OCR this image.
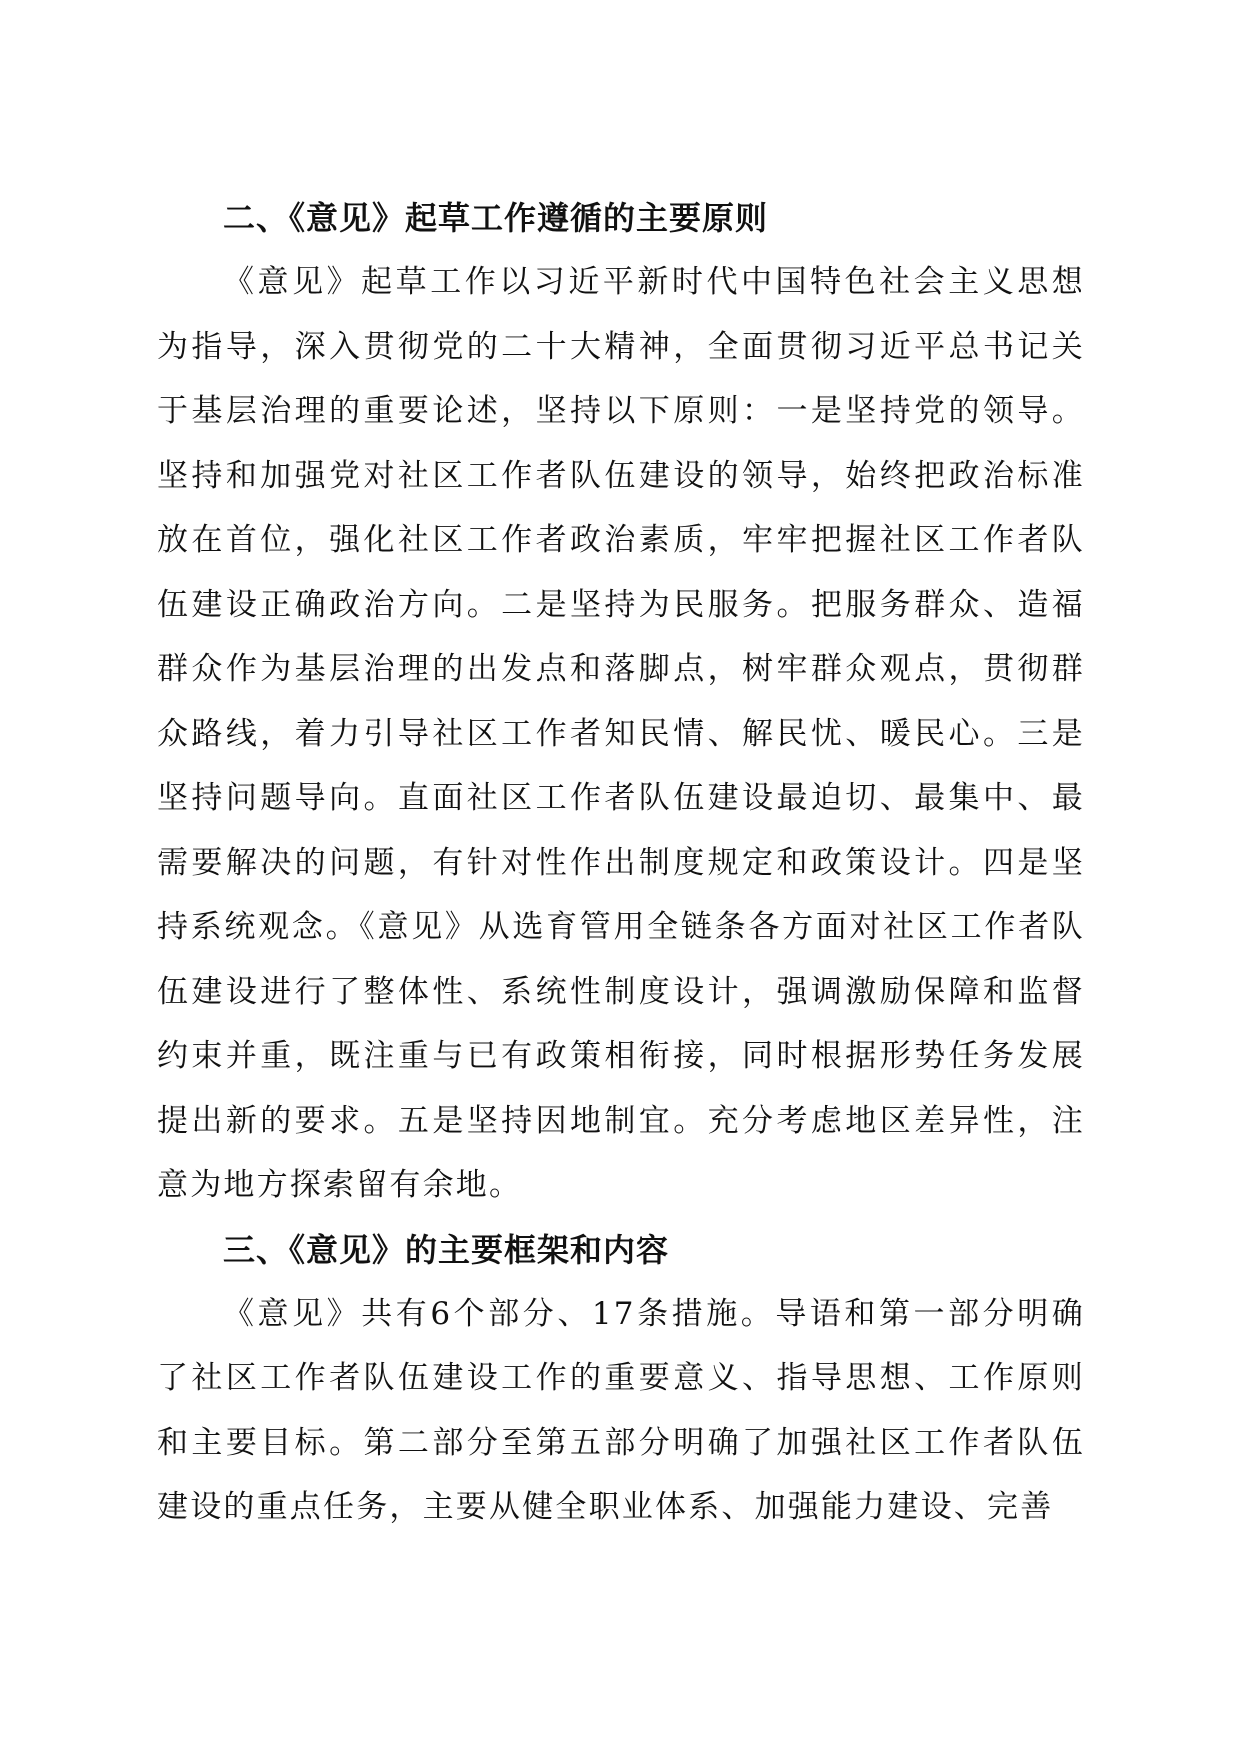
二、《意见》起草工作遵循的主要原则

《意见》起草工作以习近平新时代中国特色社会主义思想为指导，深入贯彻党的二十大精神，全面贯彻习近平总书记关于基层治理的重要论述，坚持以下原则：一是坚持党的领导。坚持和加强党对社区工作者队伍建设的领导，始终把政治标准放在首位，强化社区工作者政治素质，牢牢把握社区工作者队伍建设正确政治方向。二是坚持为民服务。把服务群众、造福群众作为基层治理的出发点和落脚点，树牢群众观点，贯彻群众路线，着力引导社区工作者知民情、解民忧、暖民心。三是坚持问题导向。直面社区工作者队伍建设最迫切、最集中、最需要解决的问题，有针对性作出制度规定和政策设计。四是坚持系统观念。《意见》从选育管用全链条各方面对社区工作者队伍建设进行了整体性、系统性制度设计，强调激励保障和监督约束并重，既注重与已有政策相衔接，同时根据形势任务发展提出新的要求。五是坚持因地制宜。充分考虑地区差异性，注意为地方探索留有余地。

三、《意见》的主要框架和内容

《意见》共有6个部分、17条措施。导语和第一部分明确了社区工作者队伍建设工作的重要意义、指导思想、工作原则和主要目标。第二部分至第五部分明确了加强社区工作者队伍建设的重点任务，主要从健全职业体系、加强能力建设、完善
